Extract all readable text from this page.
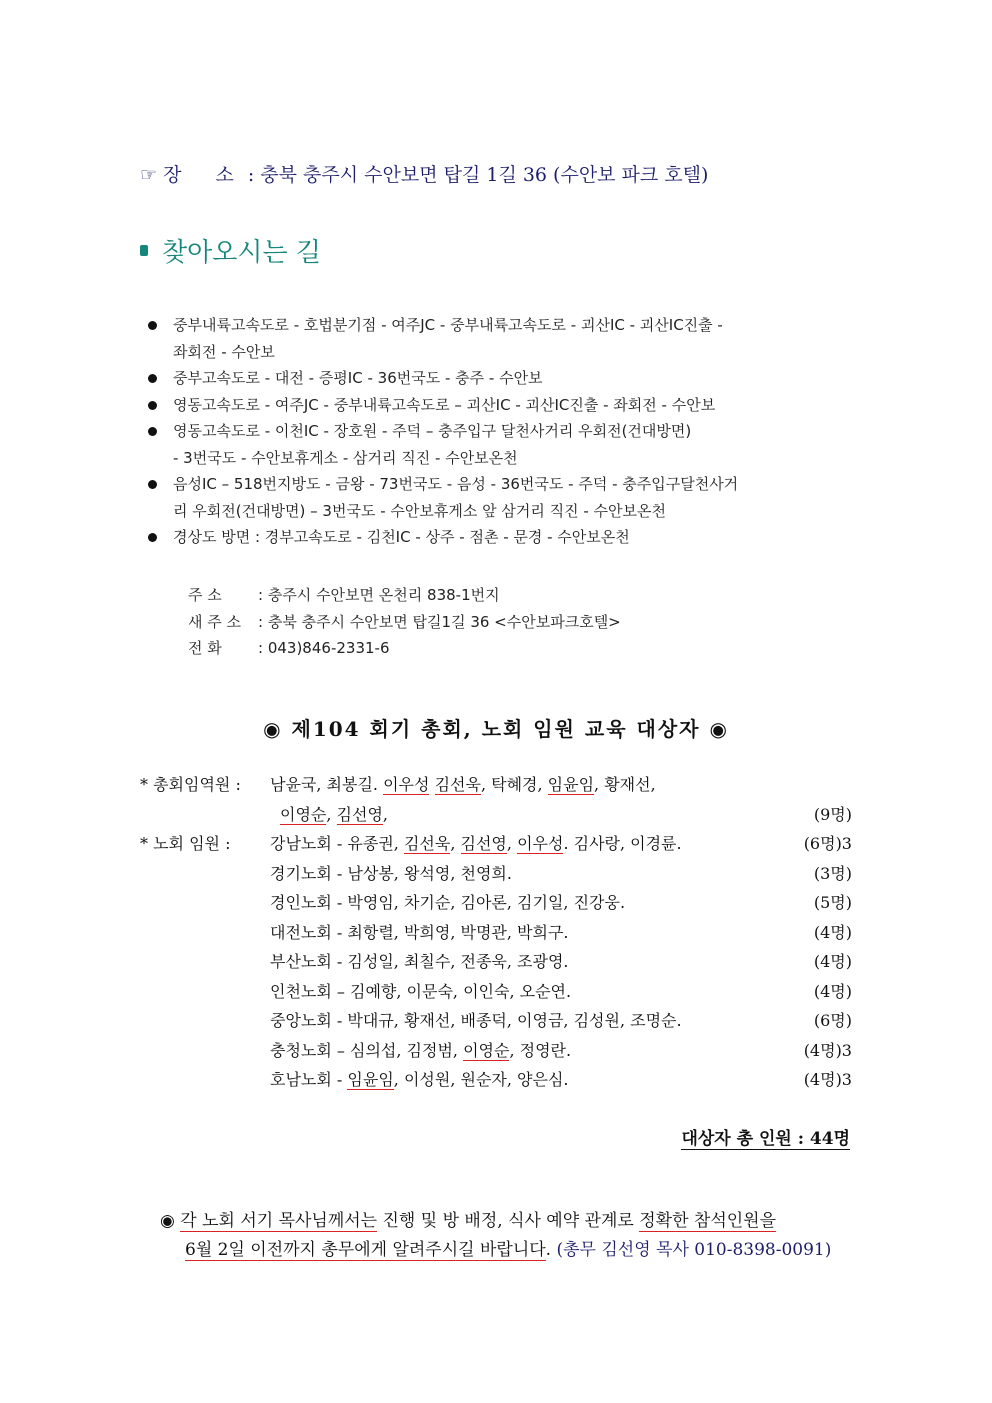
☞ 장 소: 충북 충주시 수안보면 탑길 1길 36 (수안보 파크 호텔)
찾아오시는 길
중부내륙고속도로 - 호법분기점 - 여주JC - 중부내륙고속도로 - 괴산IC - 괴산IC진출 -
좌회전 - 수안보
중부고속도로 - 대전 - 증평IC - 36번국도 - 충주 - 수안보
영동고속도로 - 여주JC - 중부내륙고속도로 – 괴산IC - 괴산IC진출 - 좌회전 - 수안보
영동고속도로 - 이천IC - 장호원 - 주덕 – 충주입구 달천사거리 우회전(건대방면)
- 3번국도 - 수안보휴게소 - 삼거리 직진 - 수안보온천
음성IC – 518번지방도 - 금왕 - 73번국도 - 음성 - 36번국도 - 주덕 - 충주입구달천사거
리 우회전(건대방면) – 3번국도 - 수안보휴게소 앞 삼거리 직진 - 수안보온천
경상도 방면 : 경부고속도로 - 김천IC - 상주 - 점촌 - 문경 - 수안보온천
주 소 : 충주시 수안보면 온천리 838-1번지
새 주 소 : 충북 충주시 수안보면 탑길1길 36 <수안보파크호텔>
전 화 : 043)846-2331-6
◉ 제104 회기 총회, 노회 임원 교육 대상자 ◉
* 총회임역원 : 남윤국, 최봉길. 이우성 김선욱, 탁혜경, 임윤임, 황재선,
이영순, 김선영,	(9명)
* 노회 임원 : 강남노회 - 유종권, 김선욱, 김선영, 이우성. 김사랑, 이경륜.	(6명)3
경기노회 - 남상봉, 왕석영, 천영희.	(3명)
경인노회 - 박영임, 차기순, 김아론, 김기일, 진강웅.	(5명)
대전노회 - 최항렬, 박희영, 박명관, 박희구.	(4명)
부산노회 - 김성일, 최칠수, 전종욱, 조광영.	(4명)
인천노회 – 김예향, 이문숙, 이인숙, 오순연.	(4명)
중앙노회 - 박대규, 황재선, 배종덕, 이영금, 김성원, 조명순.	(6명)
충청노회 – 심의섭, 김정범, 이영순, 정영란.	(4명)3
호남노회 - 임윤임, 이성원, 원순자, 양은심.	(4명)3
대상자 총 인원 : 44명
◉ 각 노회 서기 목사님께서는 진행 및 방 배정, 식사 예약 관계로 정확한 참석인원을
6월 2일 이전까지 총무에게 알려주시길 바랍니다. (총무 김선영 목사 010-8398-0091)
